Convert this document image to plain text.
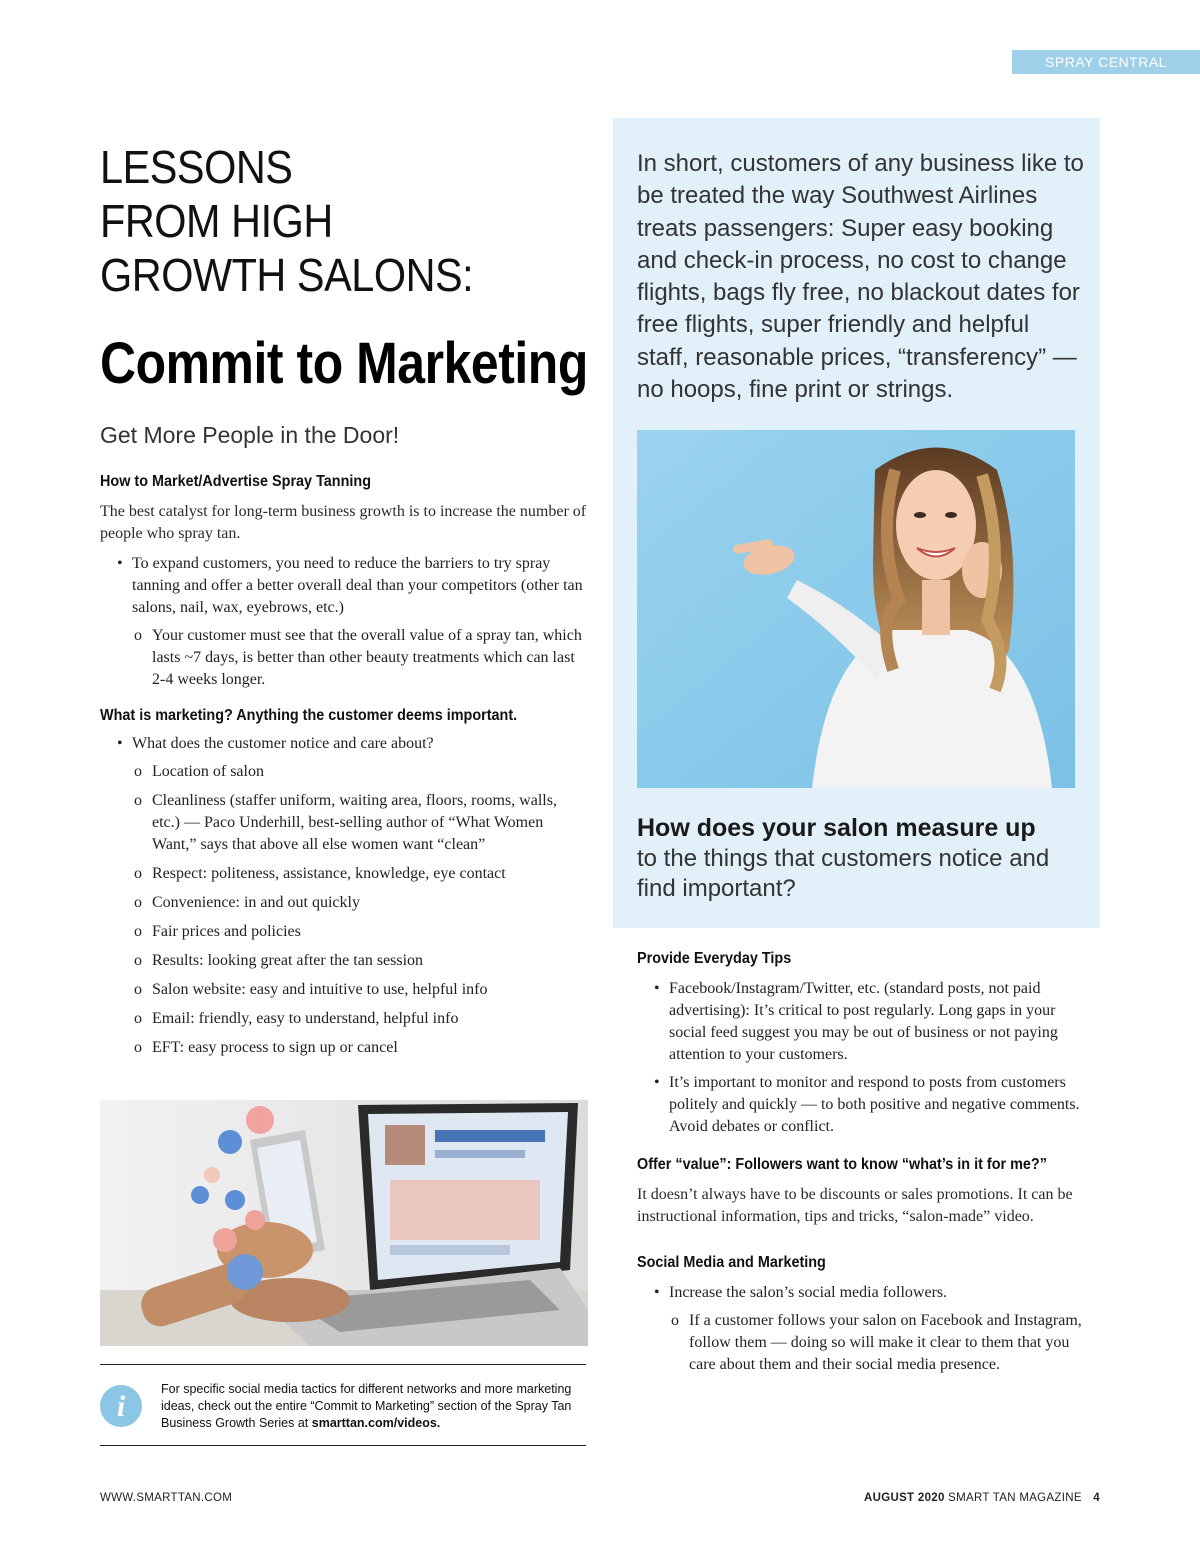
SPRAY CENTRAL
LESSONS
FROM HIGH
GROWTH SALONS:
Commit to Marketing
Get More People in the Door!
How to Market/Advertise Spray Tanning

The best catalyst for long-term business growth is to increase the number of people who spray tan.

• To expand customers, you need to reduce the barriers to try spray tanning and offer a better overall deal than your competitors (other tan salons, nail, wax, eyebrows, etc.)
o Your customer must see that the overall value of a spray tan, which lasts ~7 days, is better than other beauty treatments which can last 2-4 weeks longer.
What is marketing? Anything the customer deems important.
• What does the customer notice and care about?
o Location of salon
o Cleanliness (staffer uniform, waiting area, floors, rooms, walls, etc.) — Paco Underhill, best-selling author of “What Women Want,” says that above all else women want “clean”
o Respect: politeness, assistance, knowledge, eye contact
o Convenience: in and out quickly
o Fair prices and policies
o Results: looking great after the tan session
o Salon website: easy and intuitive to use, helpful info
o Email: friendly, easy to understand, helpful info
o EFT: easy process to sign up or cancel
i
For specific social media tactics for different networks and more marketing ideas, check out the entire “Commit to Marketing” section of the Spray Tan Business Growth Series at smarttan.com/videos.
In short, customers of any business like to be treated the way Southwest Airlines treats passengers: Super easy booking and check-in process, no cost to change flights, bags fly free, no blackout dates for free flights, super friendly and helpful staff, reasonable prices, “transferency” — no hoops, fine print or strings.
How does your salon measure up
to the things that customers notice and find important?
Provide Everyday Tips
• Facebook/Instagram/Twitter, etc. (standard posts, not paid advertising): It’s critical to post regularly. Long gaps in your social feed suggest you may be out of business or not paying attention to your customers.
• It’s important to monitor and respond to posts from customers politely and quickly — to both positive and negative comments. Avoid debates or conflict.
Offer “value”: Followers want to know “what’s in it for me?”

It doesn’t always have to be discounts or sales promotions. It can be instructional information, tips and tricks, “salon-made” video.

Social Media and Marketing
• Increase the salon’s social media followers.
o If a customer follows your salon on Facebook and Instagram, follow them — doing so will make it clear to them that you care about them and their social media presence.
WWW.SMARTTAN.COM	AUGUST 2020 SMART TAN MAGAZINE 4
